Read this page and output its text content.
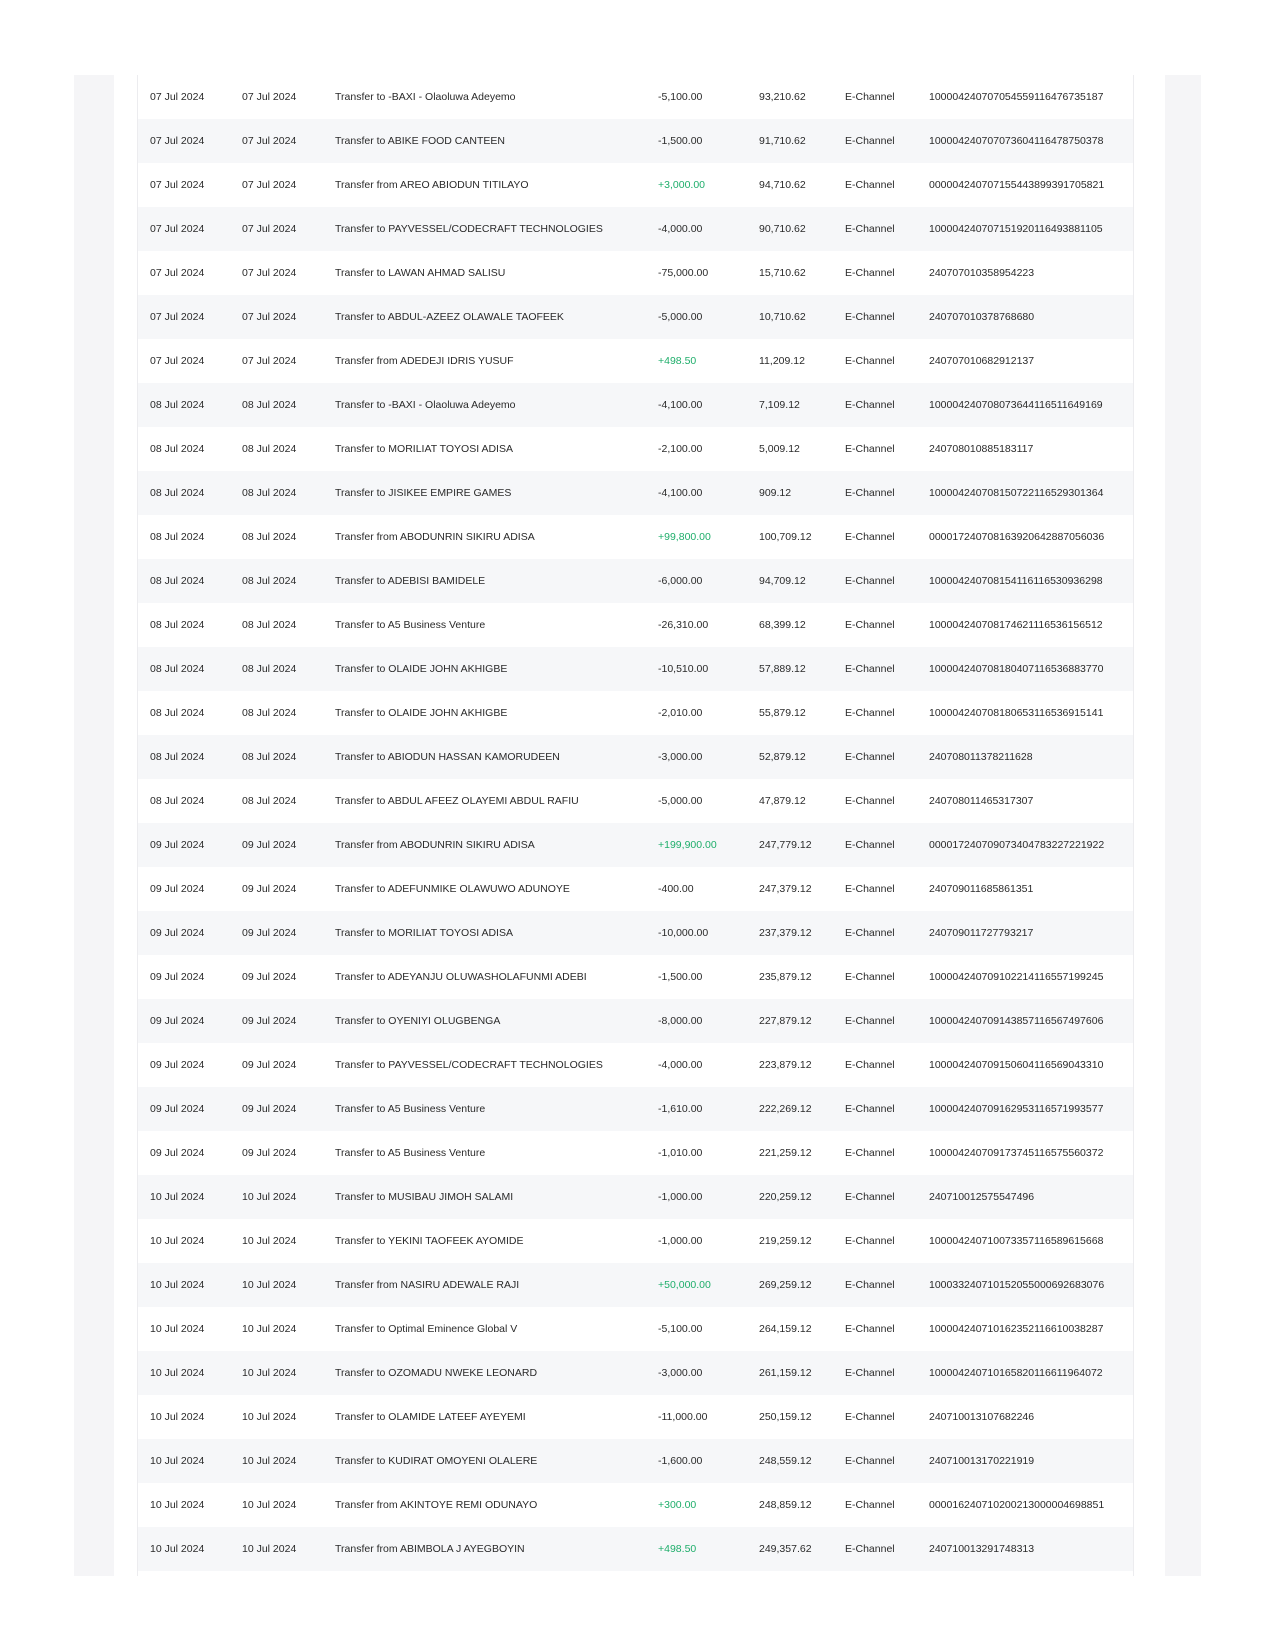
07 Jul 2024	07 Jul 2024	Transfer to -BAXI - Olaoluwa Adeyemo	-5,100.00	93,210.62	E-Channel	100004240707054559116476735187
07 Jul 2024	07 Jul 2024	Transfer to ABIKE FOOD CANTEEN	-1,500.00	91,710.62	E-Channel	100004240707073604116478750378
07 Jul 2024	07 Jul 2024	Transfer from AREO ABIODUN TITILAYO	+3,000.00	94,710.62	E-Channel	000004240707155443899391705821
07 Jul 2024	07 Jul 2024	Transfer to PAYVESSEL/CODECRAFT TECHNOLOGIES	-4,000.00	90,710.62	E-Channel	100004240707151920116493881105
07 Jul 2024	07 Jul 2024	Transfer to LAWAN AHMAD SALISU	-75,000.00	15,710.62	E-Channel	240707010358954223
07 Jul 2024	07 Jul 2024	Transfer to ABDUL-AZEEZ OLAWALE TAOFEEK	-5,000.00	10,710.62	E-Channel	240707010378768680
07 Jul 2024	07 Jul 2024	Transfer from ADEDEJI IDRIS YUSUF	+498.50	11,209.12	E-Channel	240707010682912137
08 Jul 2024	08 Jul 2024	Transfer to -BAXI - Olaoluwa Adeyemo	-4,100.00	7,109.12	E-Channel	100004240708073644116511649169
08 Jul 2024	08 Jul 2024	Transfer to MORILIAT TOYOSI ADISA	-2,100.00	5,009.12	E-Channel	240708010885183117
08 Jul 2024	08 Jul 2024	Transfer to JISIKEE EMPIRE GAMES	-4,100.00	909.12	E-Channel	100004240708150722116529301364
08 Jul 2024	08 Jul 2024	Transfer from ABODUNRIN SIKIRU ADISA	+99,800.00	100,709.12	E-Channel	000017240708163920642887056036
08 Jul 2024	08 Jul 2024	Transfer to ADEBISI BAMIDELE	-6,000.00	94,709.12	E-Channel	100004240708154116116530936298
08 Jul 2024	08 Jul 2024	Transfer to A5 Business Venture	-26,310.00	68,399.12	E-Channel	100004240708174621116536156512
08 Jul 2024	08 Jul 2024	Transfer to OLAIDE JOHN AKHIGBE	-10,510.00	57,889.12	E-Channel	100004240708180407116536883770
08 Jul 2024	08 Jul 2024	Transfer to OLAIDE JOHN AKHIGBE	-2,010.00	55,879.12	E-Channel	100004240708180653116536915141
08 Jul 2024	08 Jul 2024	Transfer to ABIODUN HASSAN KAMORUDEEN	-3,000.00	52,879.12	E-Channel	240708011378211628
08 Jul 2024	08 Jul 2024	Transfer to ABDUL AFEEZ OLAYEMI ABDUL RAFIU	-5,000.00	47,879.12	E-Channel	240708011465317307
09 Jul 2024	09 Jul 2024	Transfer from ABODUNRIN SIKIRU ADISA	+199,900.00	247,779.12	E-Channel	000017240709073404783227221922
09 Jul 2024	09 Jul 2024	Transfer to ADEFUNMIKE OLAWUWO ADUNOYE	-400.00	247,379.12	E-Channel	240709011685861351
09 Jul 2024	09 Jul 2024	Transfer to MORILIAT TOYOSI ADISA	-10,000.00	237,379.12	E-Channel	240709011727793217
09 Jul 2024	09 Jul 2024	Transfer to ADEYANJU OLUWASHOLAFUNMI ADEBI	-1,500.00	235,879.12	E-Channel	100004240709102214116557199245
09 Jul 2024	09 Jul 2024	Transfer to OYENIYI OLUGBENGA	-8,000.00	227,879.12	E-Channel	100004240709143857116567497606
09 Jul 2024	09 Jul 2024	Transfer to PAYVESSEL/CODECRAFT TECHNOLOGIES	-4,000.00	223,879.12	E-Channel	100004240709150604116569043310
09 Jul 2024	09 Jul 2024	Transfer to A5 Business Venture	-1,610.00	222,269.12	E-Channel	100004240709162953116571993577
09 Jul 2024	09 Jul 2024	Transfer to A5 Business Venture	-1,010.00	221,259.12	E-Channel	100004240709173745116575560372
10 Jul 2024	10 Jul 2024	Transfer to MUSIBAU JIMOH SALAMI	-1,000.00	220,259.12	E-Channel	240710012575547496
10 Jul 2024	10 Jul 2024	Transfer to YEKINI TAOFEEK AYOMIDE	-1,000.00	219,259.12	E-Channel	100004240710073357116589615668
10 Jul 2024	10 Jul 2024	Transfer from NASIRU ADEWALE RAJI	+50,000.00	269,259.12	E-Channel	100033240710152055000692683076
10 Jul 2024	10 Jul 2024	Transfer to Optimal Eminence Global V	-5,100.00	264,159.12	E-Channel	100004240710162352116610038287
10 Jul 2024	10 Jul 2024	Transfer to OZOMADU NWEKE LEONARD	-3,000.00	261,159.12	E-Channel	100004240710165820116611964072
10 Jul 2024	10 Jul 2024	Transfer to OLAMIDE LATEEF AYEYEMI	-11,000.00	250,159.12	E-Channel	240710013107682246
10 Jul 2024	10 Jul 2024	Transfer to KUDIRAT OMOYENI OLALERE	-1,600.00	248,559.12	E-Channel	240710013170221919
10 Jul 2024	10 Jul 2024	Transfer from AKINTOYE REMI ODUNAYO	+300.00	248,859.12	E-Channel	000016240710200213000004698851
10 Jul 2024	10 Jul 2024	Transfer from ABIMBOLA J AYEGBOYIN	+498.50	249,357.62	E-Channel	240710013291748313
